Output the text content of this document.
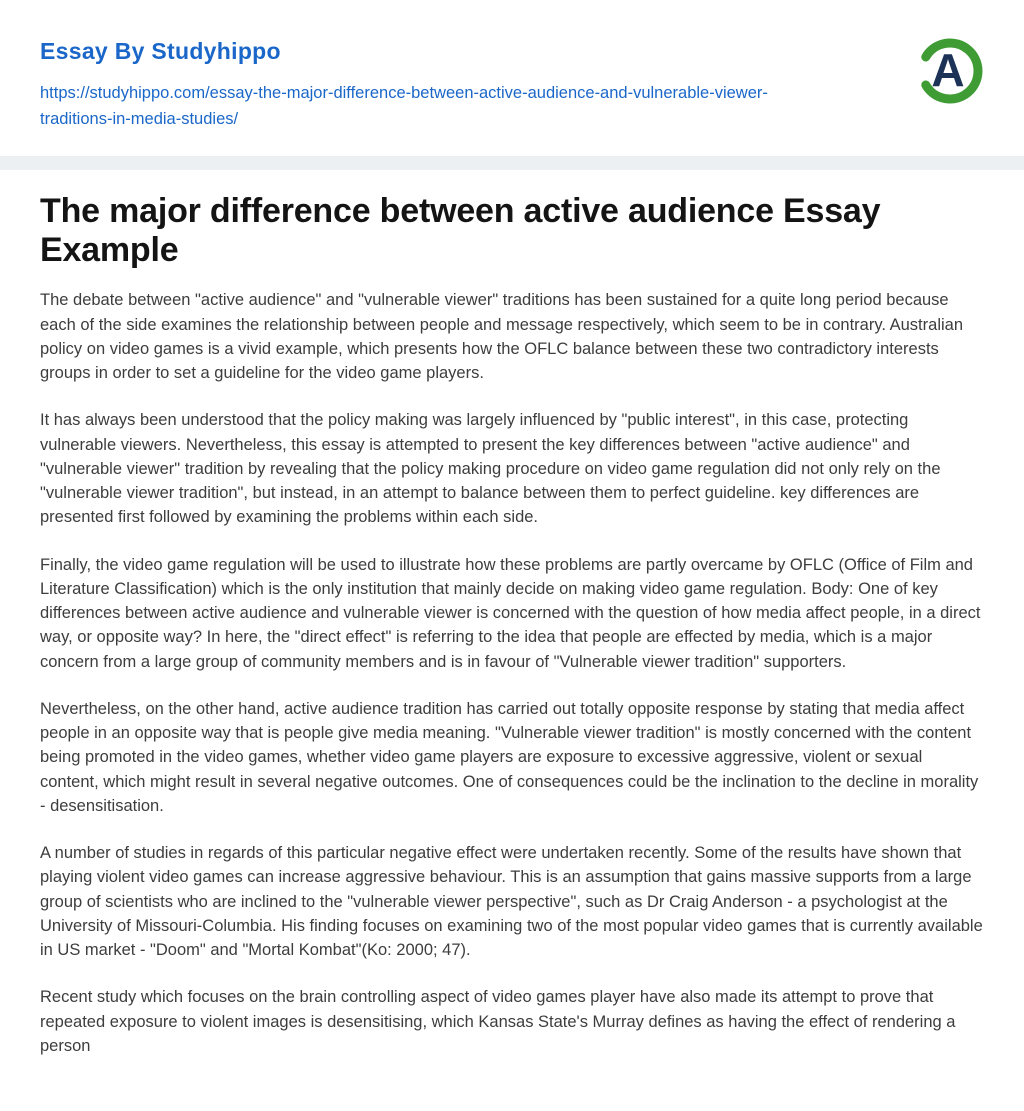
Essay By Studyhippo
https://studyhippo.com/essay-the-major-difference-between-active-audience-and-vulnerable-viewer-traditions-in-media-studies/
A
The major difference between active audience Essay Example

The debate between "active audience" and "vulnerable viewer" traditions has been sustained for a quite long period because each of the side examines the relationship between people and message respectively, which seem to be in contrary. Australian policy on video games is a vivid example, which presents how the OFLC balance between these two contradictory interests groups in order to set a guideline for the video game players.

It has always been understood that the policy making was largely influenced by "public interest", in this case, protecting vulnerable viewers. Nevertheless, this essay is attempted to present the key differences between "active audience" and "vulnerable viewer" tradition by revealing that the policy making procedure on video game regulation did not only rely on the "vulnerable viewer tradition", but instead, in an attempt to balance between them to perfect guideline. key differences are presented first followed by examining the problems within each side.

Finally, the video game regulation will be used to illustrate how these problems are partly overcame by OFLC (Office of Film and Literature Classification) which is the only institution that mainly decide on making video game regulation. Body: One of key differences between active audience and vulnerable viewer is concerned with the question of how media affect people, in a direct way, or opposite way? In here, the "direct effect" is referring to the idea that people are effected by media, which is a major concern from a large group of community members and is in favour of "Vulnerable viewer tradition" supporters.

Nevertheless, on the other hand, active audience tradition has carried out totally opposite response by stating that media affect people in an opposite way that is people give media meaning. "Vulnerable viewer tradition" is mostly concerned with the content being promoted in the video games, whether video game players are exposure to excessive aggressive, violent or sexual content, which might result in several negative outcomes. One of consequences could be the inclination to the decline in morality - desensitisation.

A number of studies in regards of this particular negative effect were undertaken recently. Some of the results have shown that playing violent video games can increase aggressive behaviour. This is an assumption that gains massive supports from a large group of scientists who are inclined to the "vulnerable viewer perspective", such as Dr Craig Anderson - a psychologist at the University of Missouri-Columbia. His finding focuses on examining two of the most popular video games that is currently available in US market - "Doom" and "Mortal Kombat"(Ko: 2000; 47).

Recent study which focuses on the brain controlling aspect of video games player have also made its attempt to prove that repeated exposure to violent images is desensitising, which Kansas State's Murray defines as having the effect of rendering a person
